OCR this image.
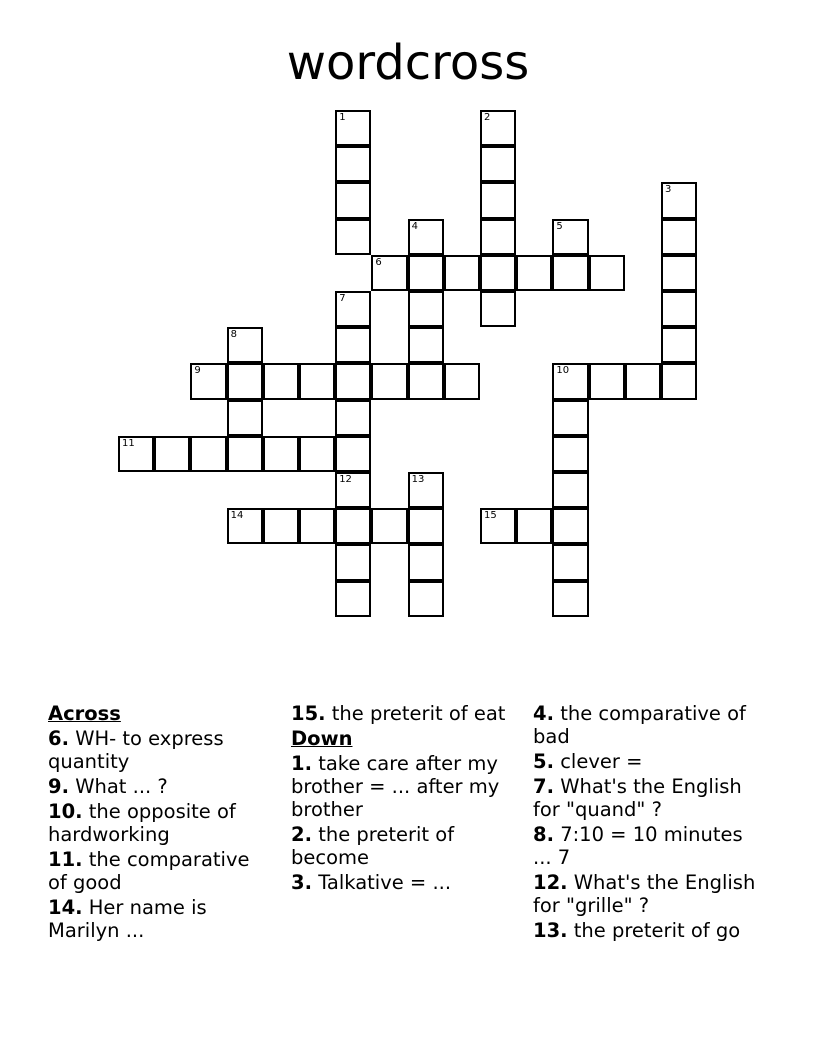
wordcross
1	2
3
4	5
6
7
8
9	10
11
12	13
14	15
Across
6. WH- to express quantity
9. What ... ?
10. the opposite of hardworking
11. the comparative of good
14. Her name is Marilyn ...
15. the preterit of eat
Down
1. take care after my brother = ... after my brother
2. the preterit of become
3. Talkative = ...
4. the comparative of bad
5. clever =
7. What's the English for "quand" ?
8. 7:10 = 10 minutes ... 7
12. What's the English for "grille" ?
13. the preterit of go
